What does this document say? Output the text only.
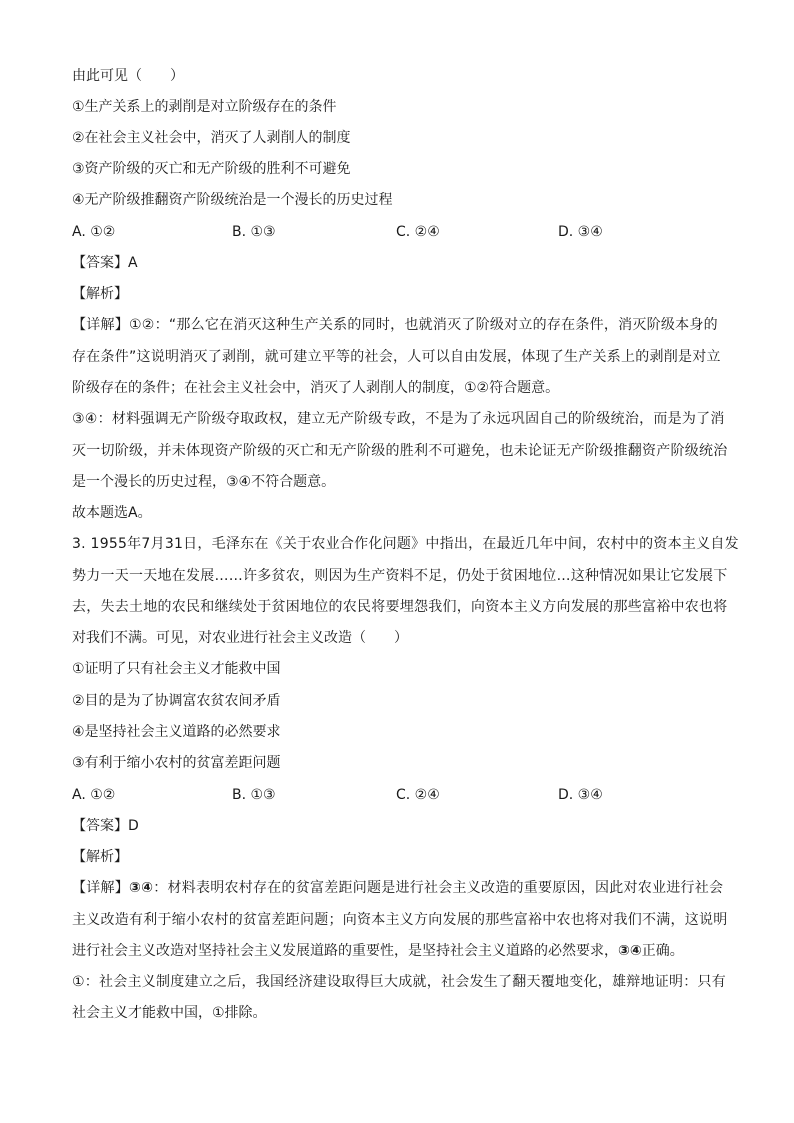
由此可见（　　）
①生产关系上的剥削是对立阶级存在的条件
②在社会主义社会中，消灭了人剥削人的制度
③资产阶级的灭亡和无产阶级的胜利不可避免
④无产阶级推翻资产阶级统治是一个漫长的历史过程
A. ①②	B. ①③	C. ②④	D. ③④
【答案】A
【解析】
【详解】①②：“那么它在消灭这种生产关系的同时，也就消灭了阶级对立的存在条件，消灭阶级本身的
存在条件”这说明消灭了剥削，就可建立平等的社会，人可以自由发展，体现了生产关系上的剥削是对立
阶级存在的条件；在社会主义社会中，消灭了人剥削人的制度，①②符合题意。
③④：材料强调无产阶级夺取政权，建立无产阶级专政，不是为了永远巩固自己的阶级统治，而是为了消
灭一切阶级，并未体现资产阶级的灭亡和无产阶级的胜利不可避免，也未论证无产阶级推翻资产阶级统治
是一个漫长的历史过程，③④不符合题意。
故本题选A。
3. 1955年7月31日，毛泽东在《关于农业合作化问题》中指出，在最近几年中间，农村中的资本主义自发
势力一天一天地在发展……许多贫农，则因为生产资料不足，仍处于贫困地位…这种情况如果让它发展下
去，失去土地的农民和继续处于贫困地位的农民将要埋怨我们，向资本主义方向发展的那些富裕中农也将
对我们不满。可见，对农业进行社会主义改造（　　）
①证明了只有社会主义才能救中国
②目的是为了协调富农贫农间矛盾
④是坚持社会主义道路的必然要求
③有利于缩小农村的贫富差距问题
A. ①②	B. ①③	C. ②④	D. ③④
【答案】D
【解析】
【详解】③④：材料表明农村存在的贫富差距问题是进行社会主义改造的重要原因，因此对农业进行社会
主义改造有利于缩小农村的贫富差距问题；向资本主义方向发展的那些富裕中农也将对我们不满，这说明
进行社会主义改造对坚持社会主义发展道路的重要性，是坚持社会主义道路的必然要求，③④正确。
①：社会主义制度建立之后，我国经济建设取得巨大成就，社会发生了翻天覆地变化，雄辩地证明：只有
社会主义才能救中国，①排除。
